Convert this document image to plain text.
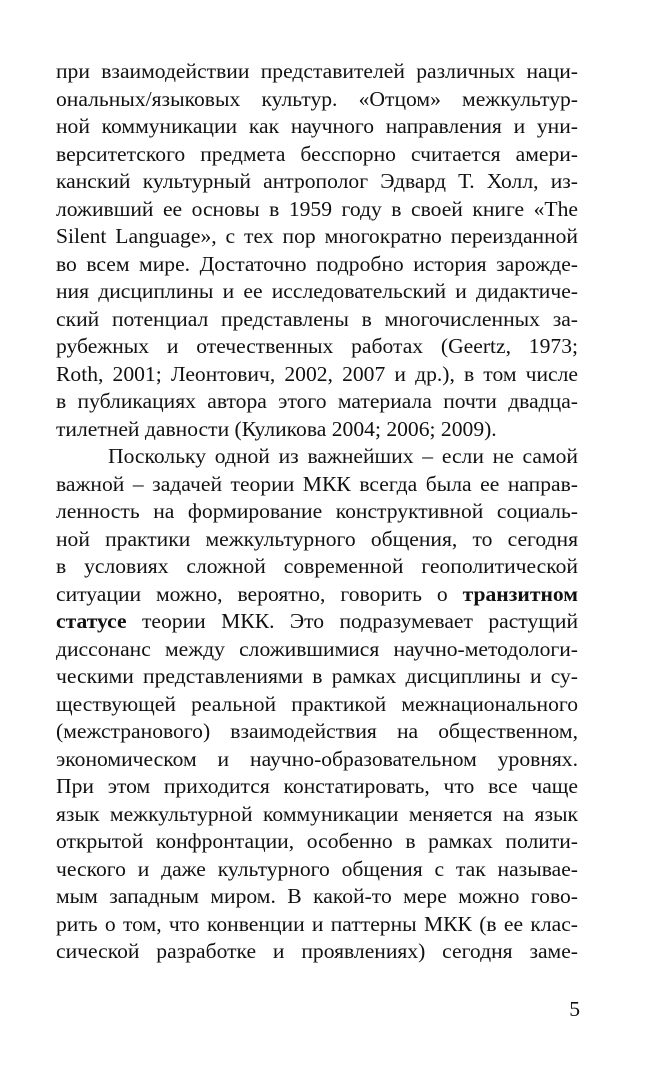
при взаимодействии представителей различных наци-
ональных/языковых культур. «Отцом» межкультур-
ной коммуникации как научного направления и уни-
верситетского предмета бесспорно считается амери-
канский культурный антрополог Эдвард Т. Холл, из-
ложивший ее основы в 1959 году в своей книге «The
Silent Language», с тех пор многократно переизданной
во всем мире. Достаточно подробно история зарожде-
ния дисциплины и ее исследовательский и дидактиче-
ский потенциал представлены в многочисленных за-
рубежных и отечественных работах (Geertz, 1973;
Roth, 2001; Леонтович, 2002, 2007 и др.), в том числе
в публикациях автора этого материала почти двадца-
тилетней давности (Куликова 2004; 2006; 2009).
Поскольку одной из важнейших – если не самой
важной – задачей теории МКК всегда была ее направ-
ленность на формирование конструктивной социаль-
ной практики межкультурного общения, то сегодня
в условиях сложной современной геополитической
ситуации можно, вероятно, говорить о транзитном
статусе теории МКК. Это подразумевает растущий
диссонанс между сложившимися научно-методологи-
ческими представлениями в рамках дисциплины и су-
ществующей реальной практикой межнационального
(межстранового) взаимодействия на общественном,
экономическом и научно-образовательном уровнях.
При этом приходится констатировать, что все чаще
язык межкультурной коммуникации меняется на язык
открытой конфронтации, особенно в рамках полити-
ческого и даже культурного общения с так называе-
мым западным миром. В какой-то мере можно гово-
рить о том, что конвенции и паттерны МКК (в ее клас-
сической разработке и проявлениях) сегодня заме-
5
